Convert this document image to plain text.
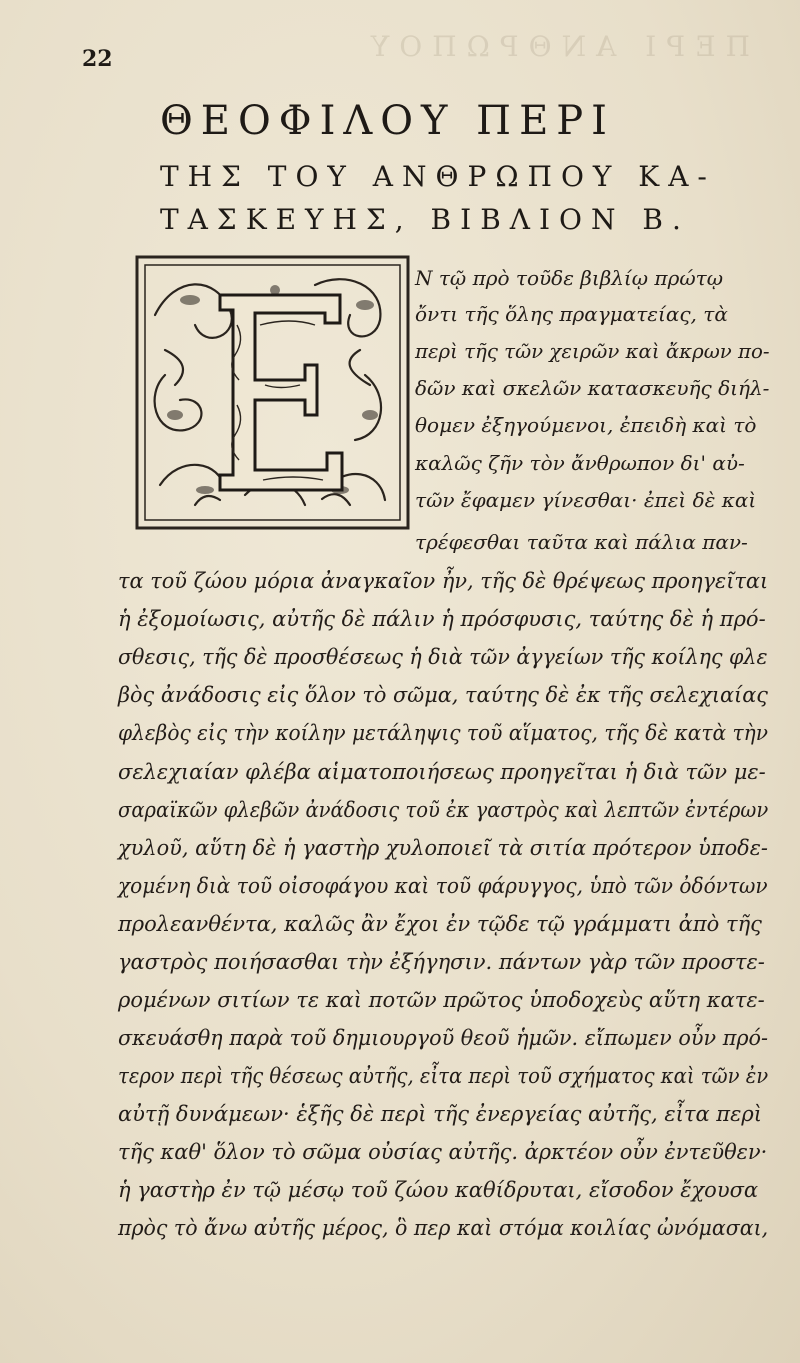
ΠΕΡΙ ΑΝΘΡΩΠΟΥ
22
ΘΕΟΦΙΛΟΥ ΠΕΡΙ
ΤΗΣ ΤΟΥ ΑΝΘΡΩΠΟΥ ΚΑ-
ΤΑΣΚΕΥΗΣ, ΒΙΒΛΙΟΝ Β.
Ν τῷ πρὸ τοῦδε βιβλίῳ πρώτῳ
ὄντι τῆς ὅλης πραγματείας, τὰ
περὶ τῆς τῶν χειρῶν καὶ ἄκρων πο-
δῶν καὶ σκελῶν κατασκευῆς διήλ-
θομεν ἐξηγούμενοι, ἐπειδὴ καὶ τὸ
καλῶς ζῆν τὸν ἄνθρωπον δι' αὐ-
τῶν ἔφαμεν γίνεσθαι· ἐπεὶ δὲ καὶ
τρέφεσθαι ταῦτα καὶ πάλια παν-
τα τοῦ ζώου μόρια ἀναγκαῖον ἦν, τῆς δὲ θρέψεως προηγεῖται
ἡ ἐξομοίωσις, αὐτῆς δὲ πάλιν ἡ πρόσφυσις, ταύτης δὲ ἡ πρό-
σθεσις, τῆς δὲ προσθέσεως ἡ διὰ τῶν ἀγγείων τῆς κοίλης φλε
βὸς ἀνάδοσις εἰς ὅλον τὸ σῶμα, ταύτης δὲ ἐκ τῆς σελεχιαίας
φλεβὸς εἰς τὴν κοίλην μετάληψις τοῦ αἵματος, τῆς δὲ κατὰ τὴν
σελεχιαίαν φλέβα αἱματοποιήσεως προηγεῖται ἡ διὰ τῶν με-
σαραϊκῶν φλεβῶν ἀνάδοσις τοῦ ἐκ γαστρὸς καὶ λεπτῶν ἐντέρων
χυλοῦ, αὕτη δὲ ἡ γαστὴρ χυλοποιεῖ τὰ σιτία πρότερον ὑποδε-
χομένη διὰ τοῦ οἰσοφάγου καὶ τοῦ φάρυγγος, ὑπὸ τῶν ὀδόντων
προλεανθέντα, καλῶς ἂν ἔχοι ἐν τῷδε τῷ γράμματι ἀπὸ τῆς
γαστρὸς ποιήσασθαι τὴν ἐξήγησιν. πάντων γὰρ τῶν προστε-
ρομένων σιτίων τε καὶ ποτῶν πρῶτος ὑποδοχεὺς αὕτη κατε-
σκευάσθη παρὰ τοῦ δημιουργοῦ θεοῦ ἡμῶν. εἴπωμεν οὖν πρό-
τερον περὶ τῆς θέσεως αὐτῆς, εἶτα περὶ τοῦ σχήματος καὶ τῶν ἐν
αὐτῇ δυνάμεων· ἑξῆς δὲ περὶ τῆς ἐνεργείας αὐτῆς, εἶτα περὶ
τῆς καθ' ὅλον τὸ σῶμα οὐσίας αὐτῆς. ἀρκτέον οὖν ἐντεῦθεν·
ἡ γαστὴρ ἐν τῷ μέσῳ τοῦ ζώου καθίδρυται, εἴσοδον ἔχουσα
πρὸς τὸ ἄνω αὐτῆς μέρος, ὃ περ καὶ στόμα κοιλίας ὠνόμασαι,
